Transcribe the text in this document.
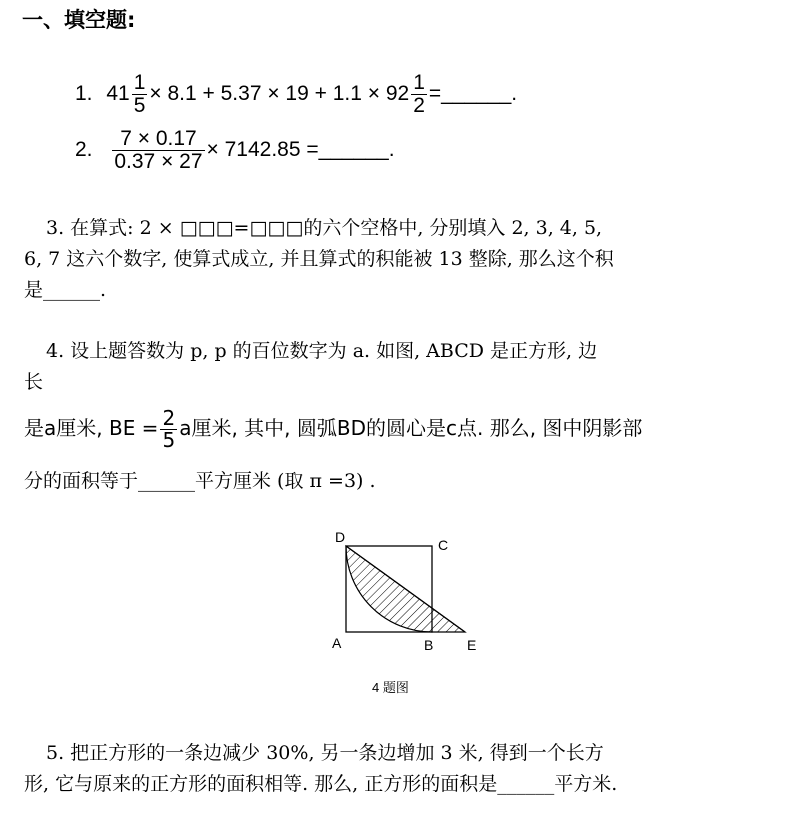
一、填空题:
1. $41 \frac{1}{5} \times 8.1 + 5.37 \times 19 + 1.1 \times 92 \frac{1}{2}$ =______.
2. $\frac{7 \times 0.17}{0.37 \times 27} \times 7142.85$ =______.
3. 在算式: 2 × □□□=□□□的六个空格中, 分别填入 2, 3, 4, 5,
6, 7 这六个数字, 使算式成立, 并且算式的积能被 13 整除, 那么这个积
是______.
4. 设上题答数为 p, p 的百位数字为 a. 如图, ABCD 是正方形, 边
长
是a厘米, BE = $\frac{2}{5}$ a厘米, 其中, 圆弧BD的圆心是c点. 那么, 图中阴影部
分的面积等于______平方厘米 (取 π =3) .
D	C
A	B E
4 题图
5. 把正方形的一条边减少 30%, 另一条边增加 3 米, 得到一个长方
形, 它与原来的正方形的面积相等. 那么, 正方形的面积是______平方米.
